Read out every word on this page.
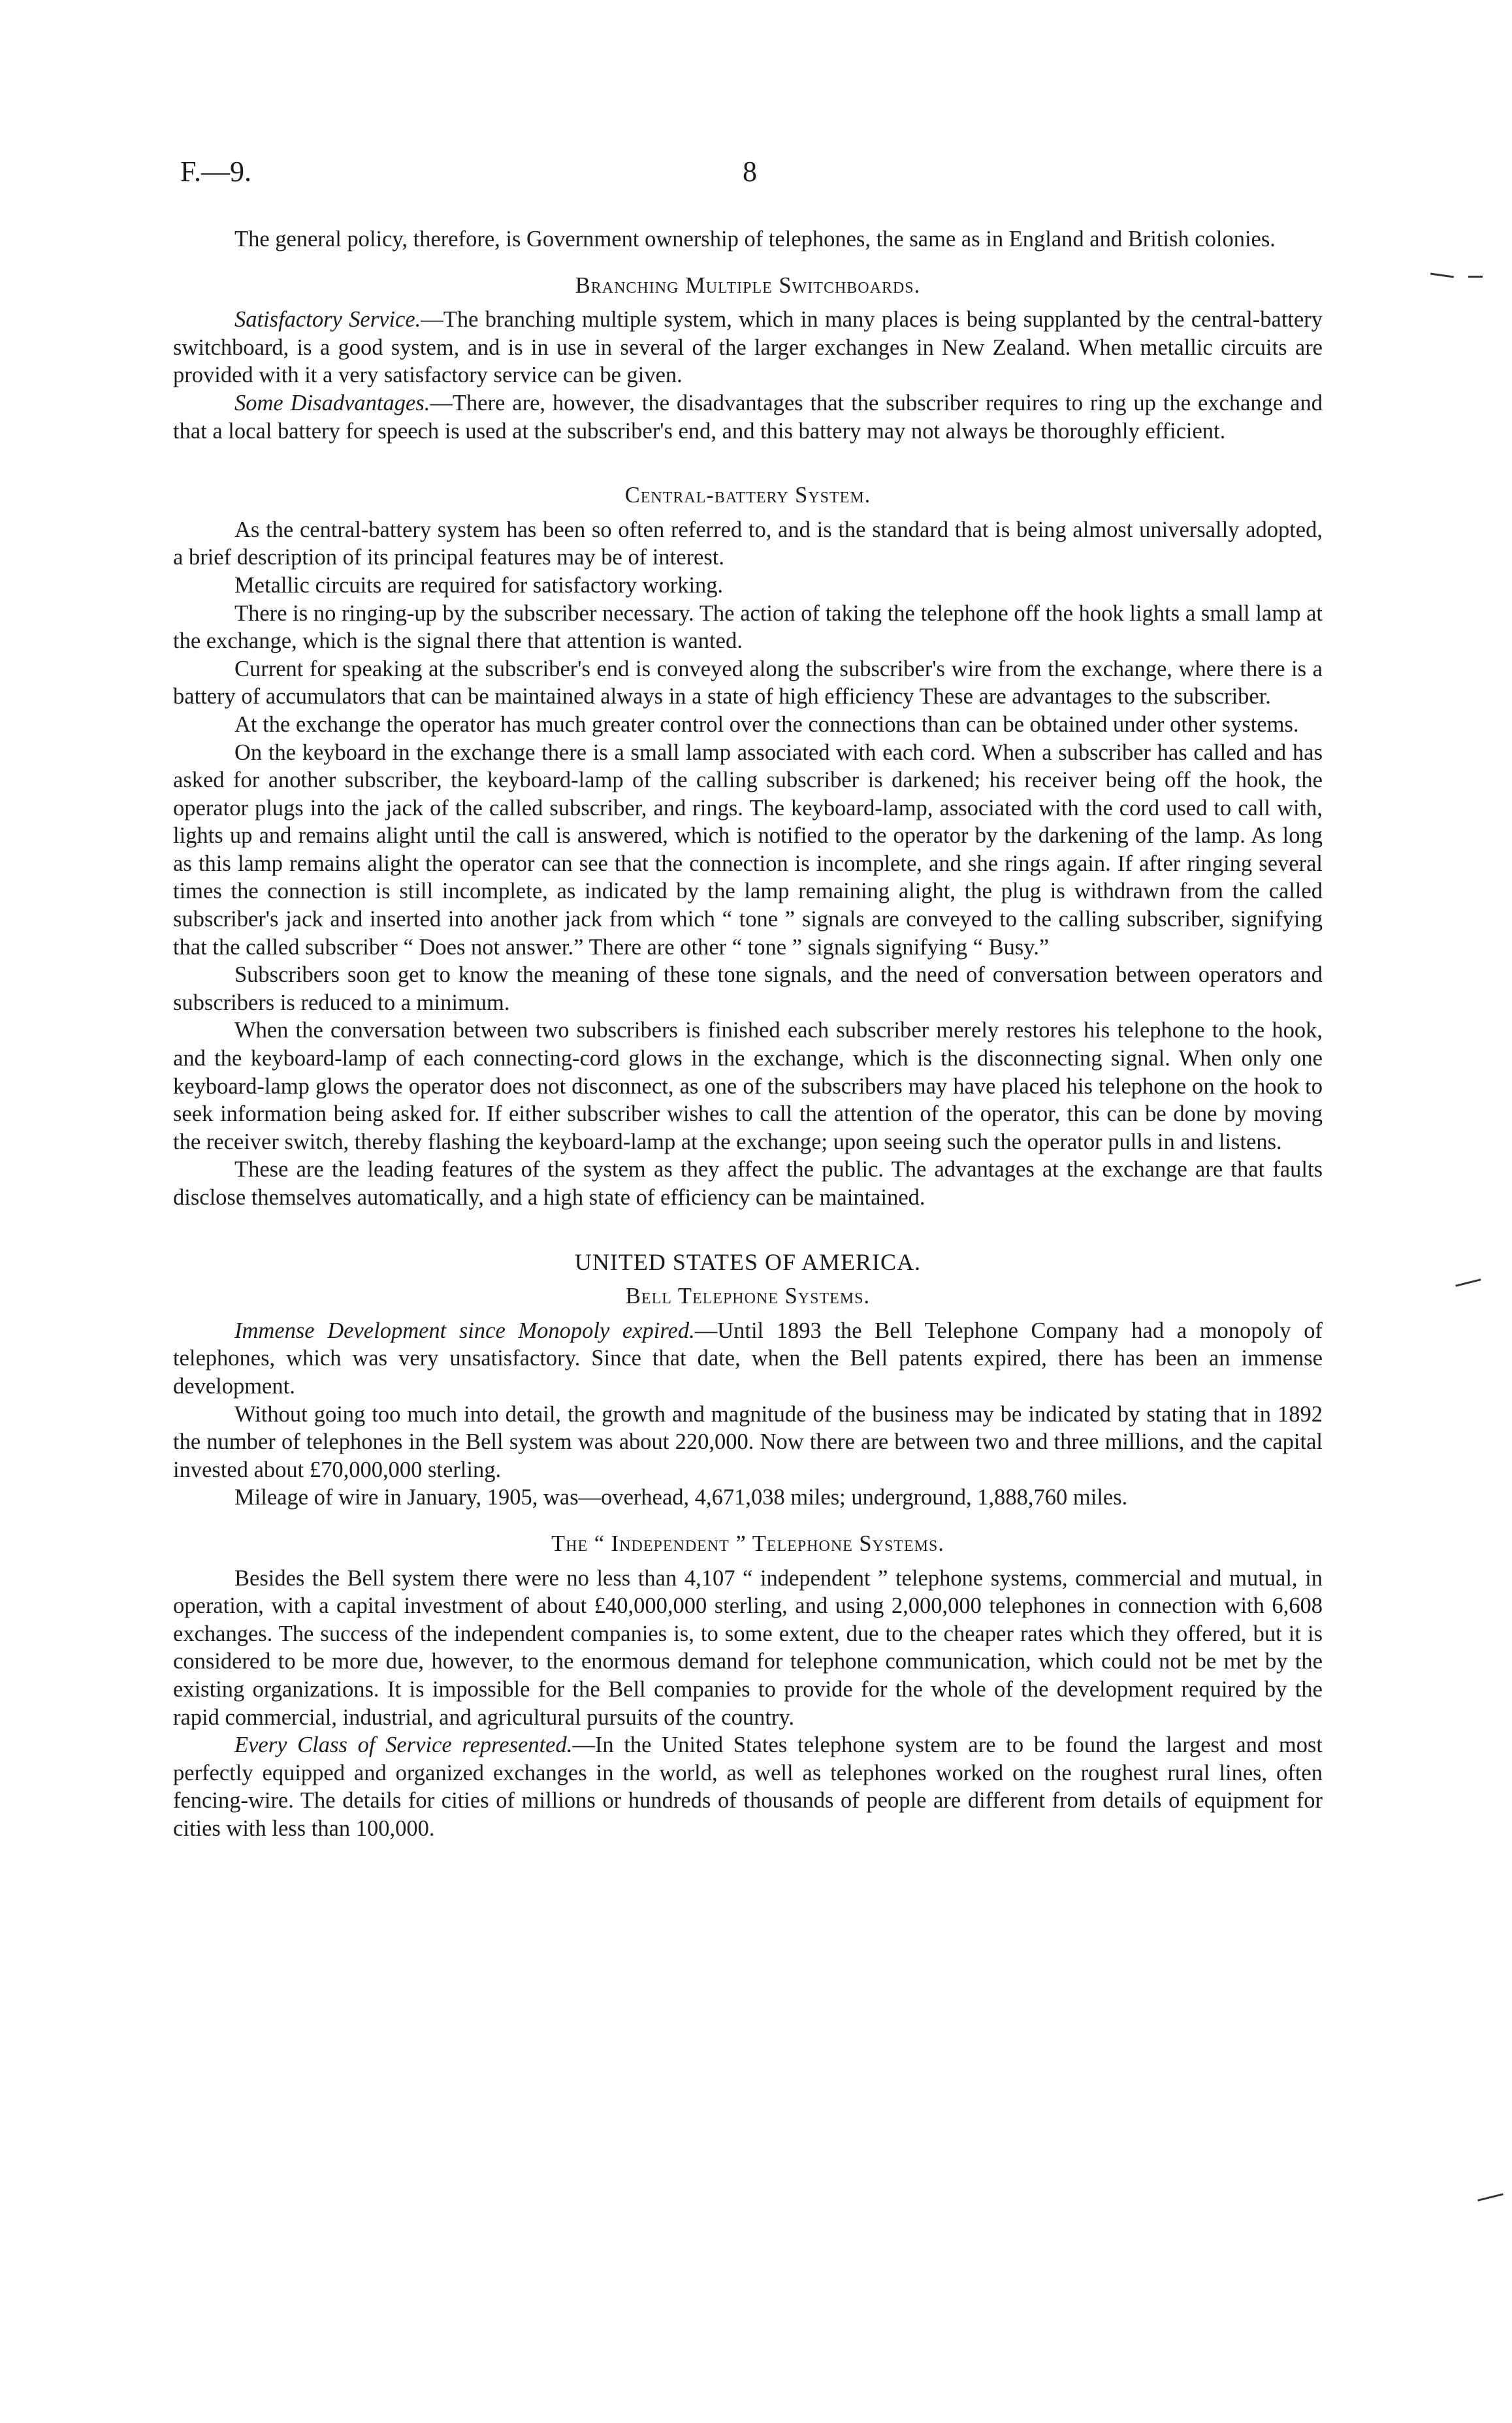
F.—9.	8

The general policy, therefore, is Government ownership of telephones, the same as in England and British colonies.

Branching Multiple Switchboards.

Satisfactory Service.—The branching multiple system, which in many places is being supplanted by the central-battery switchboard, is a good system, and is in use in several of the larger exchanges in New Zealand. When metallic circuits are provided with it a very satisfactory service can be given.

Some Disadvantages.—There are, however, the disadvantages that the subscriber requires to ring up the exchange and that a local battery for speech is used at the subscriber's end, and this battery may not always be thoroughly efficient.

Central-battery System.

As the central-battery system has been so often referred to, and is the standard that is being almost universally adopted, a brief description of its principal features may be of interest.

Metallic circuits are required for satisfactory working.

There is no ringing-up by the subscriber necessary. The action of taking the telephone off the hook lights a small lamp at the exchange, which is the signal there that attention is wanted.

Current for speaking at the subscriber's end is conveyed along the subscriber's wire from the exchange, where there is a battery of accumulators that can be maintained always in a state of high efficiency These are advantages to the subscriber.

At the exchange the operator has much greater control over the connections than can be obtained under other systems.

On the keyboard in the exchange there is a small lamp associated with each cord. When a subscriber has called and has asked for another subscriber, the keyboard-lamp of the calling subscriber is darkened; his receiver being off the hook, the operator plugs into the jack of the called subscriber, and rings. The keyboard-lamp, associated with the cord used to call with, lights up and remains alight until the call is answered, which is notified to the operator by the darkening of the lamp. As long as this lamp remains alight the operator can see that the connection is incomplete, and she rings again. If after ringing several times the connection is still incomplete, as indicated by the lamp remaining alight, the plug is withdrawn from the called subscriber's jack and inserted into another jack from which “ tone ” signals are conveyed to the calling subscriber, signifying that the called subscriber “ Does not answer.” There are other “ tone ” signals signifying “ Busy.”

Subscribers soon get to know the meaning of these tone signals, and the need of conversation between operators and subscribers is reduced to a minimum.

When the conversation between two subscribers is finished each subscriber merely restores his telephone to the hook, and the keyboard-lamp of each connecting-cord glows in the exchange, which is the disconnecting signal. When only one keyboard-lamp glows the operator does not disconnect, as one of the subscribers may have placed his telephone on the hook to seek information being asked for. If either subscriber wishes to call the attention of the operator, this can be done by moving the receiver switch, thereby flashing the keyboard-lamp at the exchange; upon seeing such the operator pulls in and listens.

These are the leading features of the system as they affect the public. The advantages at the exchange are that faults disclose themselves automatically, and a high state of efficiency can be maintained.

UNITED STATES OF AMERICA.
Bell Telephone Systems.

Immense Development since Monopoly expired.—Until 1893 the Bell Telephone Company had a monopoly of telephones, which was very unsatisfactory. Since that date, when the Bell patents expired, there has been an immense development.

Without going too much into detail, the growth and magnitude of the business may be indicated by stating that in 1892 the number of telephones in the Bell system was about 220,000. Now there are between two and three millions, and the capital invested about £70,000,000 sterling.

Mileage of wire in January, 1905, was—overhead, 4,671,038 miles; underground, 1,888,760 miles.

The “ Independent ” Telephone Systems.

Besides the Bell system there were no less than 4,107 “ independent ” telephone systems, commercial and mutual, in operation, with a capital investment of about £40,000,000 sterling, and using 2,000,000 telephones in connection with 6,608 exchanges. The success of the independent companies is, to some extent, due to the cheaper rates which they offered, but it is considered to be more due, however, to the enormous demand for telephone communication, which could not be met by the existing organizations. It is impossible for the Bell companies to provide for the whole of the development required by the rapid commercial, industrial, and agricultural pursuits of the country.

Every Class of Service represented.—In the United States telephone system are to be found the largest and most perfectly equipped and organized exchanges in the world, as well as telephones worked on the roughest rural lines, often fencing-wire. The details for cities of millions or hundreds of thousands of people are different from details of equipment for cities with less than 100,000.
